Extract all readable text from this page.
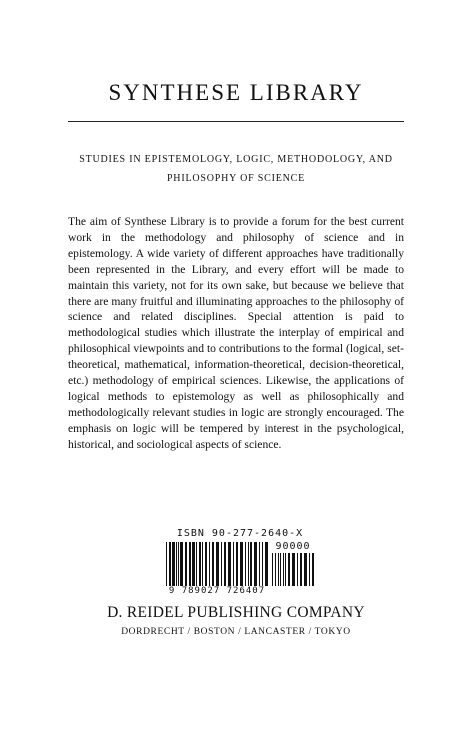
SYNTHESE LIBRARY
STUDIES IN EPISTEMOLOGY, LOGIC, METHODOLOGY, AND
PHILOSOPHY OF SCIENCE
The aim of Synthese Library is to provide a forum for the best current work in the methodology and philosophy of science and in epistemology. A wide variety of different approaches have traditionally been represented in the Library, and every effort will be made to maintain this variety, not for its own sake, but because we believe that there are many fruitful and illuminating approaches to the philosophy of science and related disciplines. Special attention is paid to methodological studies which illustrate the interplay of empirical and philosophical viewpoints and to contributions to the formal (logical, set-theoretical, mathematical, information-theoretical, decision-theoretical, etc.) methodology of empirical sciences. Likewise, the applications of logical methods to epistemology as well as philosophically and methodologically relevant studies in logic are strongly encouraged. The emphasis on logic will be tempered by interest in the psychological, historical, and sociological aspects of science.
ISBN 90-277-2640-X
90000
9 789027 726407
D. REIDEL PUBLISHING COMPANY
DORDRECHT / BOSTON / LANCASTER / TOKYO
